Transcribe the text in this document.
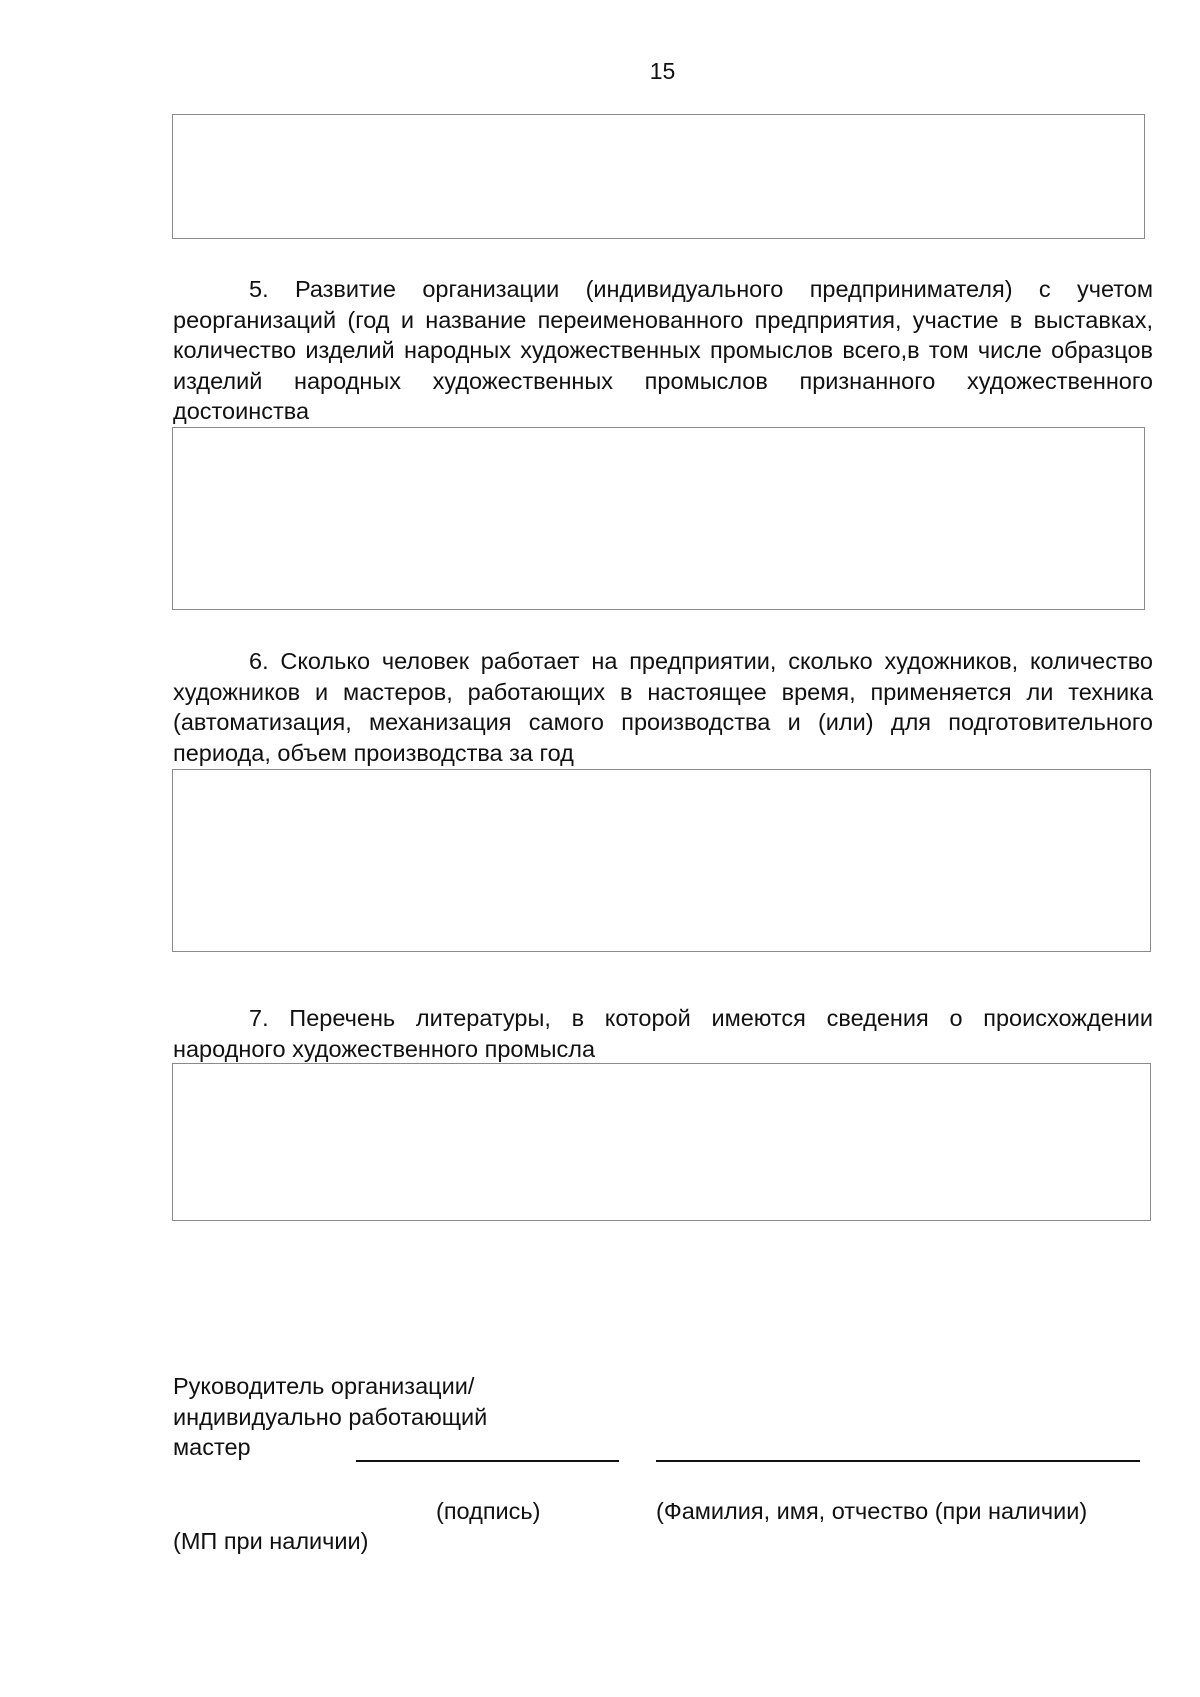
15

5. Развитие организации (индивидуального предпринимателя) с учетом реорганизаций (год и название переименованного предприятия, участие в выставках, количество изделий народных художественных промыслов всего,в том числе образцов изделий народных художественных промыслов признанного художественного достоинства

6. Сколько человек работает на предприятии, сколько художников, количество художников и мастеров, работающих в настоящее время, применяется ли техника (автоматизация, механизация самого производства и (или) для подготовительного периода, объем производства за год

7. Перечень литературы, в которой имеются сведения о происхождении народного художественного промысла

Руководитель организации/
индивидуально работающий
мастер
(подпись)	(Фамилия, имя, отчество (при наличии)
(МП при наличии)
